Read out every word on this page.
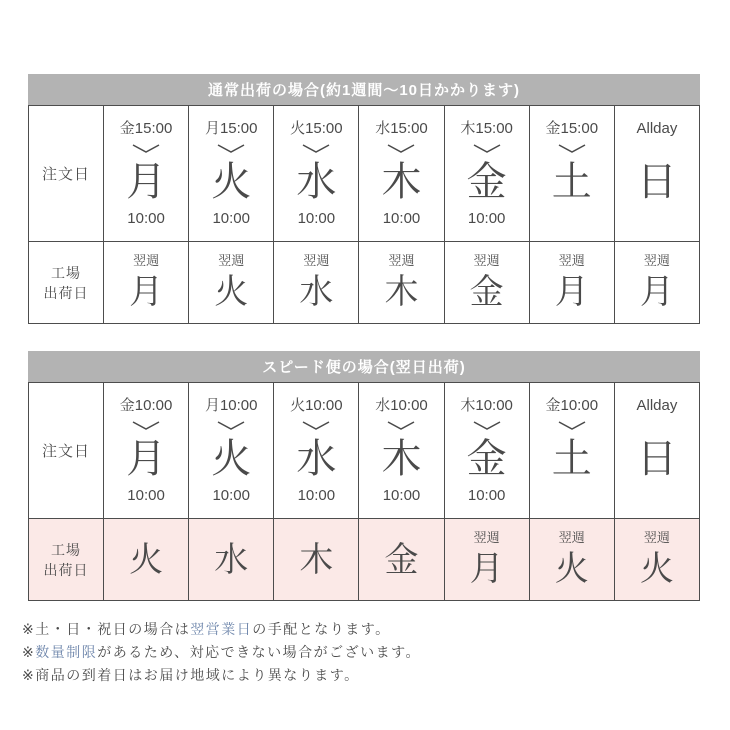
通常出荷の場合(約1週間〜10日かかります)
注文日
金15:00
月
10:00
月15:00
火
10:00
火15:00
水
10:00
水15:00
木
10:00
木15:00
金
10:00
金15:00
土
Allday
日
工場
出荷日
翌週
月
翌週
火
翌週
水
翌週
木
翌週
金
翌週
月
翌週
月
スピード便の場合(翌日出荷)
注文日
金10:00
月
10:00
月10:00
火
10:00
火10:00
水
10:00
水10:00
木
10:00
木10:00
金
10:00
金10:00
土
Allday
日
工場
出荷日 火 水 木 金
翌週
月
翌週
火
翌週
火
※土・日・祝日の場合は翌営業日の手配となります。
※数量制限があるため、対応できない場合がございます。
※商品の到着日はお届け地域により異なります。
